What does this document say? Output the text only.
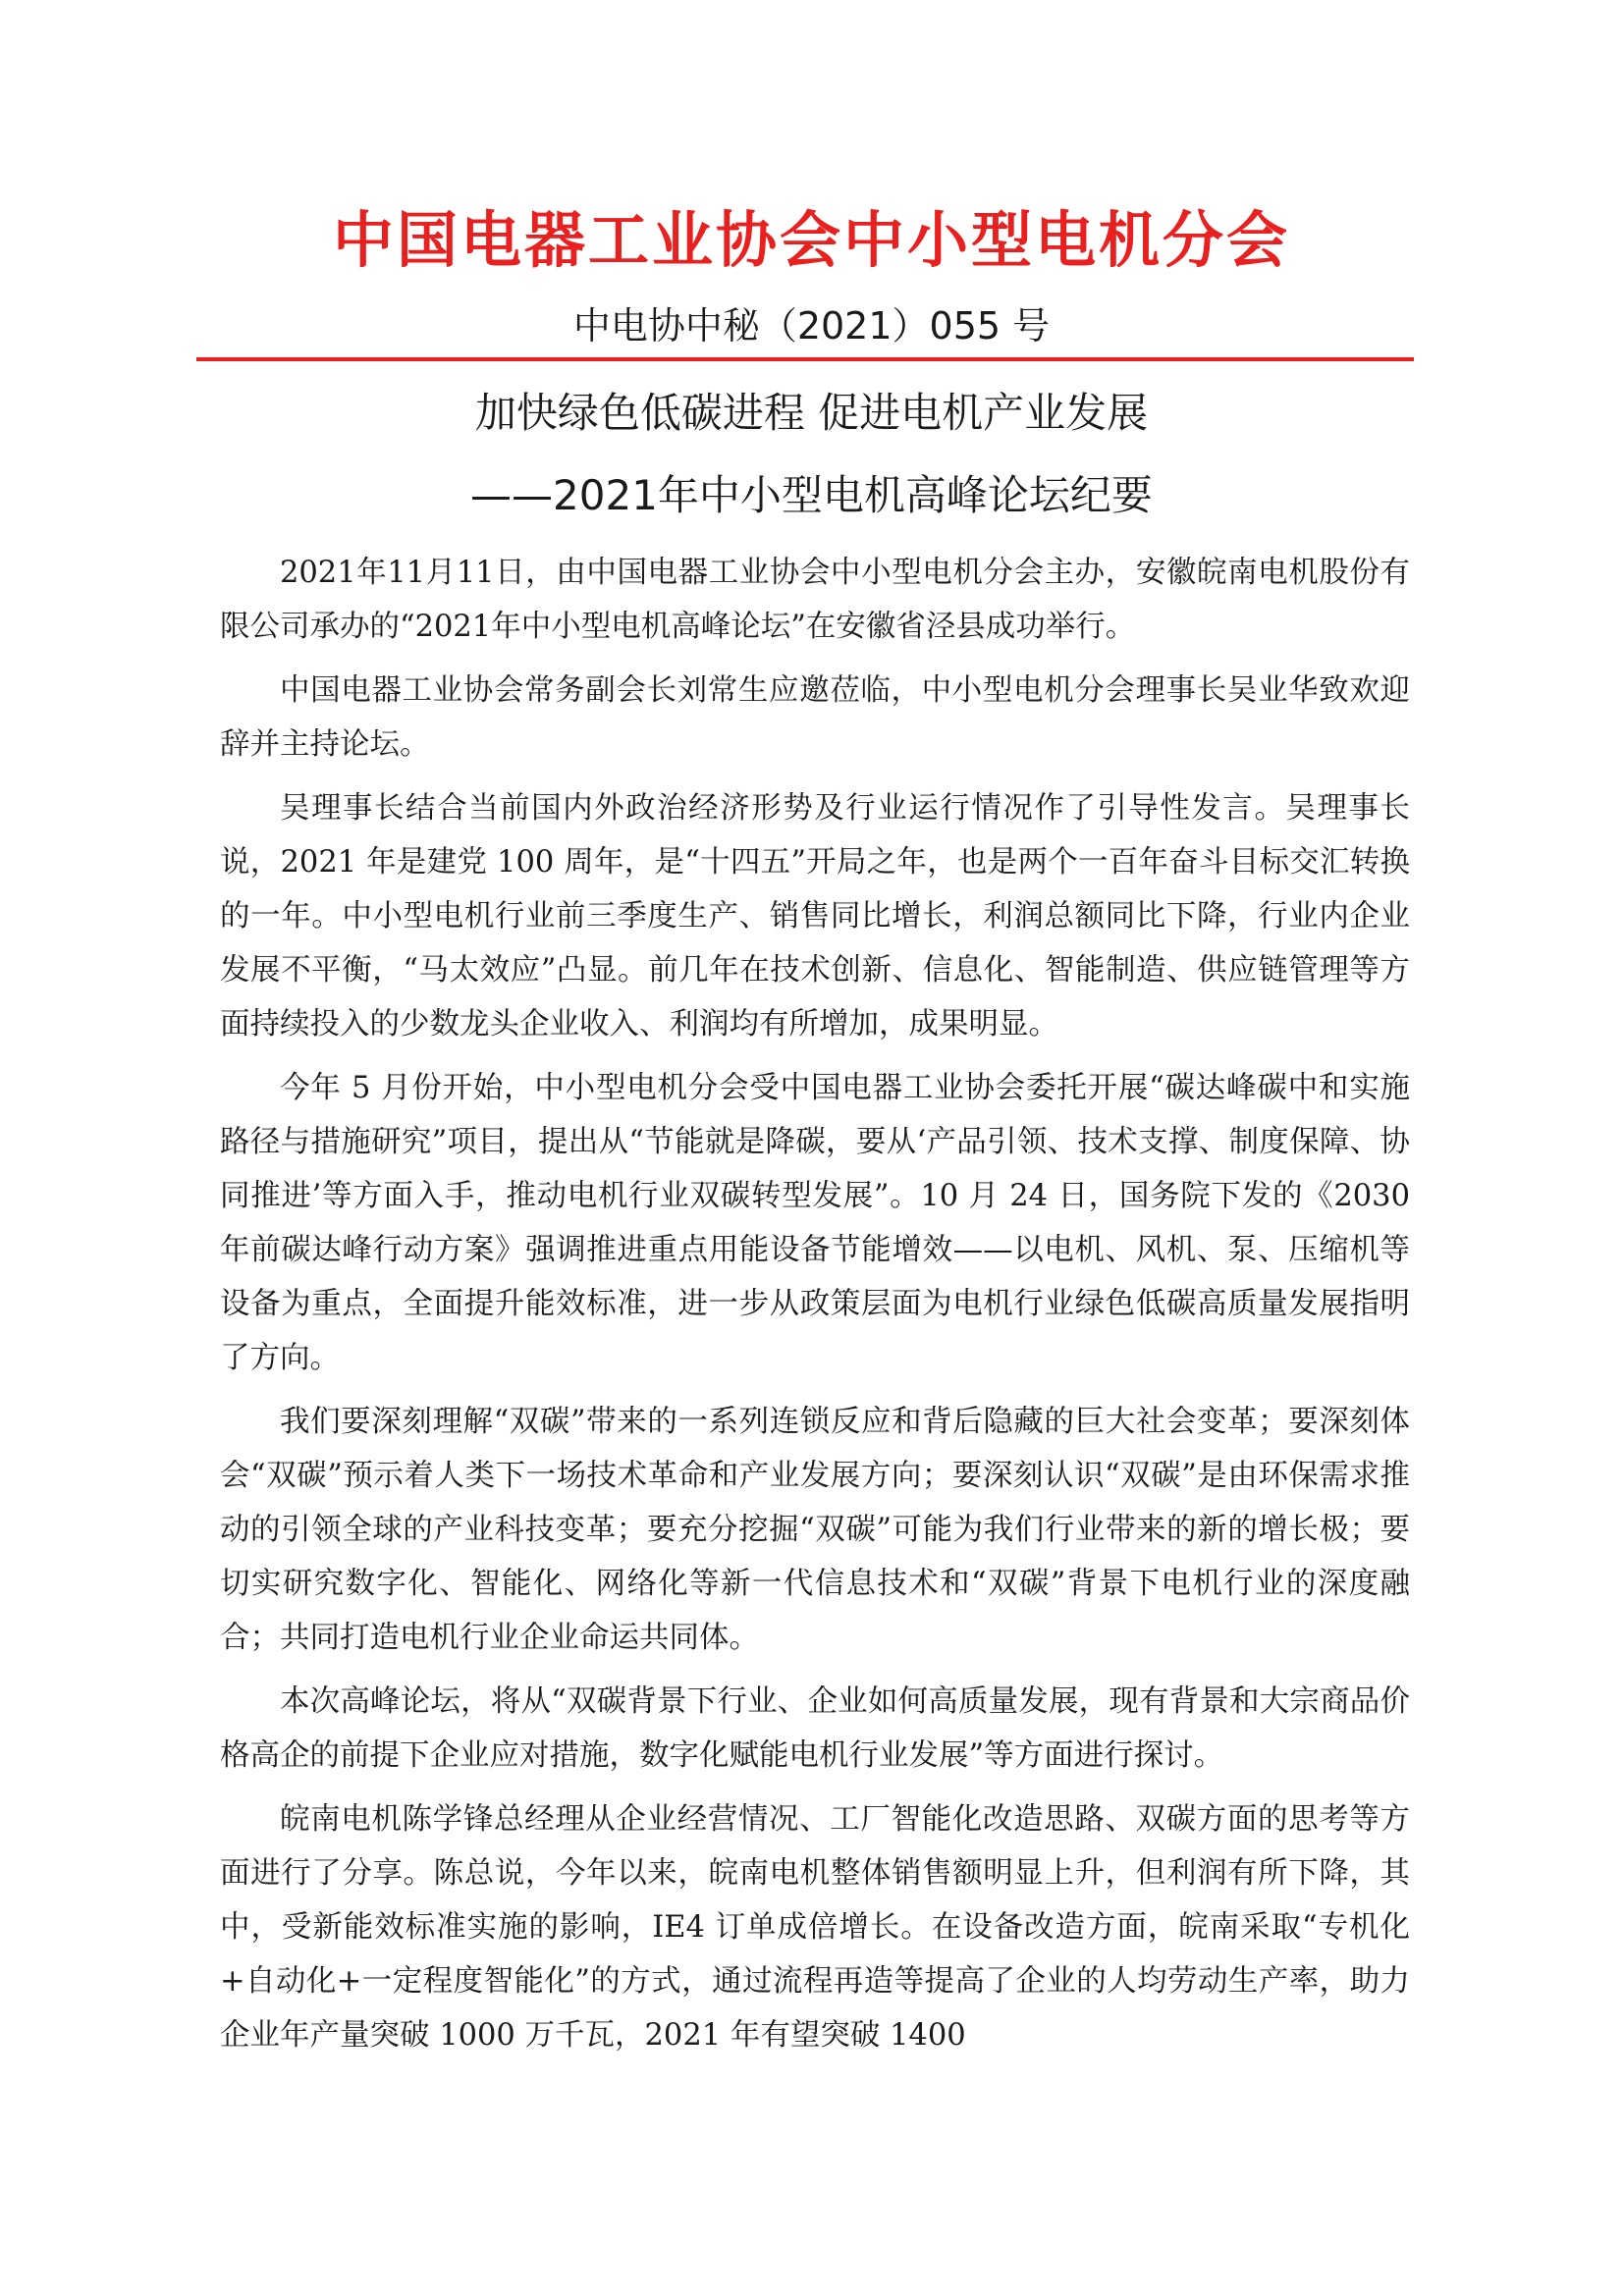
中国电器工业协会中小型电机分会
中电协中秘（2021）055 号
加快绿色低碳进程 促进电机产业发展
——2021年中小型电机高峰论坛纪要

2021年11月11日，由中国电器工业协会中小型电机分会主办，安徽皖南电机股份有限公司承办的“2021年中小型电机高峰论坛”在安徽省泾县成功举行。

中国电器工业协会常务副会长刘常生应邀莅临，中小型电机分会理事长吴业华致欢迎辞并主持论坛。

吴理事长结合当前国内外政治经济形势及行业运行情况作了引导性发言。吴理事长说，2021 年是建党 100 周年，是“十四五”开局之年，也是两个一百年奋斗目标交汇转换的一年。中小型电机行业前三季度生产、销售同比增长，利润总额同比下降，行业内企业发展不平衡，“马太效应”凸显。前几年在技术创新、信息化、智能制造、供应链管理等方面持续投入的少数龙头企业收入、利润均有所增加，成果明显。

今年 5 月份开始，中小型电机分会受中国电器工业协会委托开展“碳达峰碳中和实施路径与措施研究”项目，提出从“节能就是降碳，要从‘产品引领、技术支撑、制度保障、协同推进’等方面入手，推动电机行业双碳转型发展”。10 月 24 日，国务院下发的《2030 年前碳达峰行动方案》强调推进重点用能设备节能增效——以电机、风机、泵、压缩机等设备为重点，全面提升能效标准，进一步从政策层面为电机行业绿色低碳高质量发展指明了方向。

我们要深刻理解“双碳”带来的一系列连锁反应和背后隐藏的巨大社会变革；要深刻体会“双碳”预示着人类下一场技术革命和产业发展方向；要深刻认识“双碳”是由环保需求推动的引领全球的产业科技变革；要充分挖掘“双碳”可能为我们行业带来的新的增长极；要切实研究数字化、智能化、网络化等新一代信息技术和“双碳”背景下电机行业的深度融合；共同打造电机行业企业命运共同体。

本次高峰论坛，将从“双碳背景下行业、企业如何高质量发展，现有背景和大宗商品价格高企的前提下企业应对措施，数字化赋能电机行业发展”等方面进行探讨。

皖南电机陈学锋总经理从企业经营情况、工厂智能化改造思路、双碳方面的思考等方面进行了分享。陈总说，今年以来，皖南电机整体销售额明显上升，但利润有所下降，其中，受新能效标准实施的影响，IE4 订单成倍增长。在设备改造方面，皖南采取“专机化+自动化+一定程度智能化”的方式，通过流程再造等提高了企业的人均劳动生产率，助力企业年产量突破 1000 万千瓦，2021 年有望突破 1400
